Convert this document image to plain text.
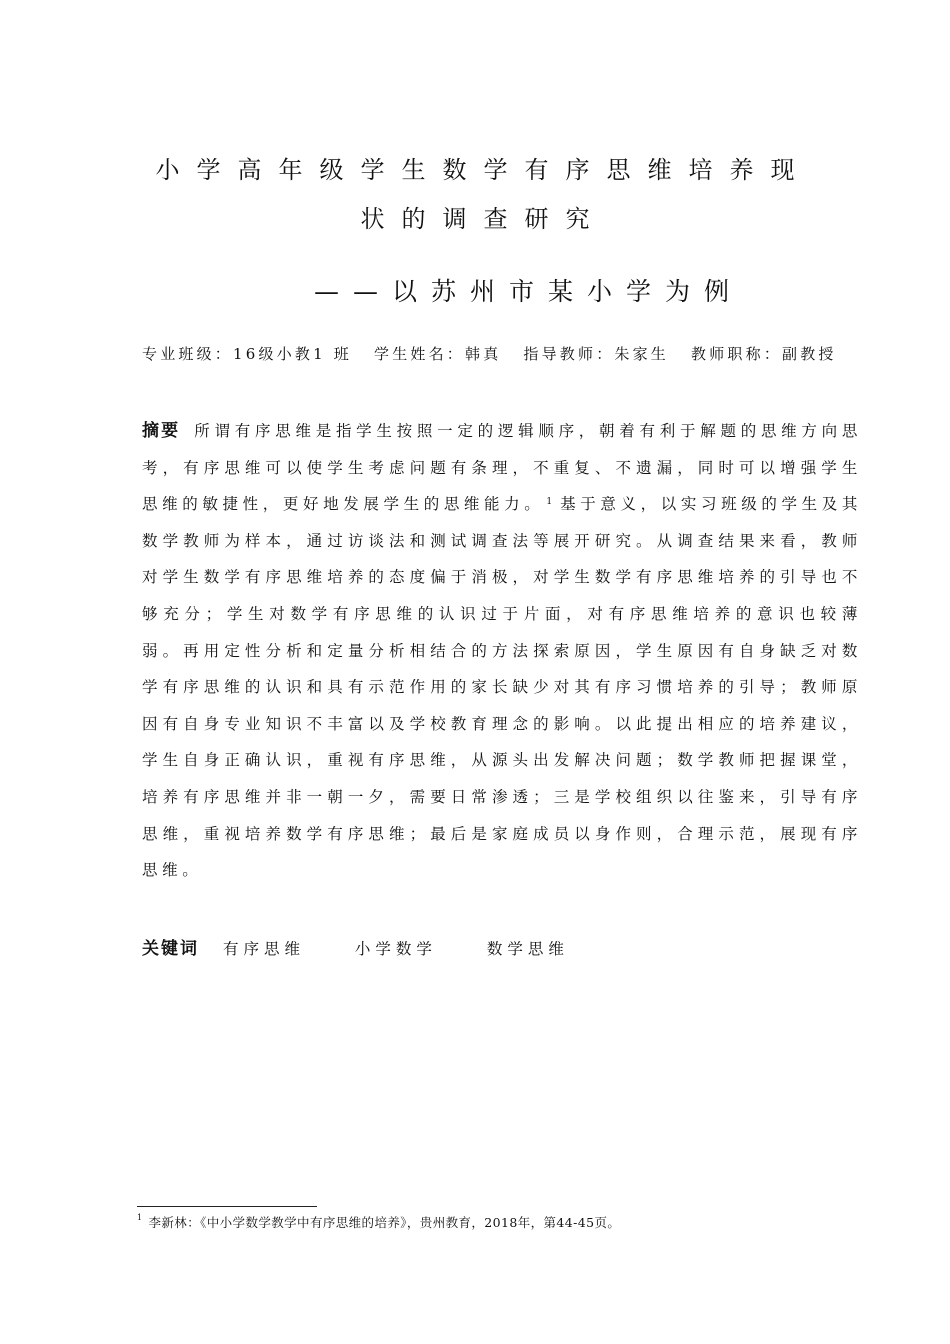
小学高年级学生数学有序思维培养现
状的调查研究
——以苏州市某小学为例
专业班级：16级小教1 班 学生姓名：韩真 指导教师：朱家生 教师职称：副教授
摘要 所谓有序思维是指学生按照一定的逻辑顺序，朝着有利于解题的思维方向思考，有序思维可以使学生考虑问题有条理，不重复、不遗漏，同时可以增强学生思维的敏捷性，更好地发展学生的思维能力。 $^1$ 基于意义，以实习班级的学生及其数学教师为样本，通过访谈法和测试调查法等展开研究。从调查结果来看，教师对学生数学有序思维培养的态度偏于消极，对学生数学有序思维培养的引导也不够充分；学生对数学有序思维的认识过于片面，对有序思维培养的意识也较薄弱。再用定性分析和定量分析相结合的方法探索原因，学生原因有自身缺乏对数学有序思维的认识和具有示范作用的家长缺少对其有序习惯培养的引导；教师原因有自身专业知识不丰富以及学校教育理念的影响。以此提出相应的培养建议，学生自身正确认识，重视有序思维，从源头出发解决问题；数学教师把握课堂，培养有序思维并非一朝一夕，需要日常渗透；三是学校组织以往鉴来，引导有序思维，重视培养数学有序思维；最后是家庭成员以身作则，合理示范，展现有序思维。
关键词 有序思维	小学数学	数学思维
$^1$ 李新林：《中小学数学教学中有序思维的培养》，贵州教育，2018年，第44-45页。
